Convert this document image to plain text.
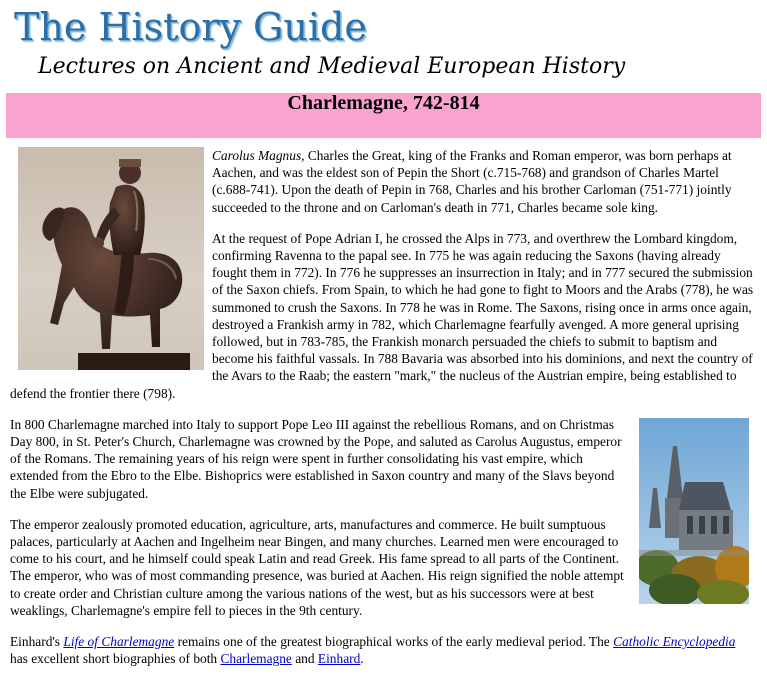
The History Guide
Lectures on Ancient and Medieval European History
Charlemagne, 742-814

Carolus Magnus, Charles the Great, king of the Franks and Roman emperor, was born perhaps at Aachen, and was the eldest son of Pepin the Short (c.715-768) and grandson of Charles Martel (c.688-741). Upon the death of Pepin in 768, Charles and his brother Carloman (751-771) jointly succeeded to the throne and on Carloman's death in 771, Charles became sole king.

At the request of Pope Adrian I, he crossed the Alps in 773, and overthrew the Lombard kingdom, confirming Ravenna to the papal see. In 775 he was again reducing the Saxons (having already fought them in 772). In 776 he suppresses an insurrection in Italy; and in 777 secured the submission of the Saxon chiefs. From Spain, to which he had gone to fight to Moors and the Arabs (778), he was summoned to crush the Saxons. In 778 he was in Rome. The Saxons, rising once in arms once again, destroyed a Frankish army in 782, which Charlemagne fearfully avenged. A more general uprising followed, but in 783-785, the Frankish monarch persuaded the chiefs to submit to baptism and become his faithful vassals. In 788 Bavaria was absorbed into his dominions, and next the country of the Avars to the Raab; the eastern "mark," the nucleus of the Austrian empire, being established to defend the frontier there (798).

In 800 Charlemagne marched into Italy to support Pope Leo III against the rebellious Romans, and on Christmas Day 800, in St. Peter's Church, Charlemagne was crowned by the Pope, and saluted as Carolus Augustus, emperor of the Romans. The remaining years of his reign were spent in further consolidating his vast empire, which extended from the Ebro to the Elbe. Bishoprics were established in Saxon country and many of the Slavs beyond the Elbe were subjugated.

The emperor zealously promoted education, agriculture, arts, manufactures and commerce. He built sumptuous palaces, particularly at Aachen and Ingelheim near Bingen, and many churches. Learned men were encouraged to come to his court, and he himself could speak Latin and read Greek. His fame spread to all parts of the Continent. The emperor, who was of most commanding presence, was buried at Aachen. His reign signified the noble attempt to create order and Christian culture among the various nations of the west, but as his successors were at best weaklings, Charlemagne's empire fell to pieces in the 9th century.

Einhard's Life of Charlemagne remains one of the greatest biographical works of the early medieval period. The Catholic Encyclopedia has excellent short biographies of both Charlemagne and Einhard.
